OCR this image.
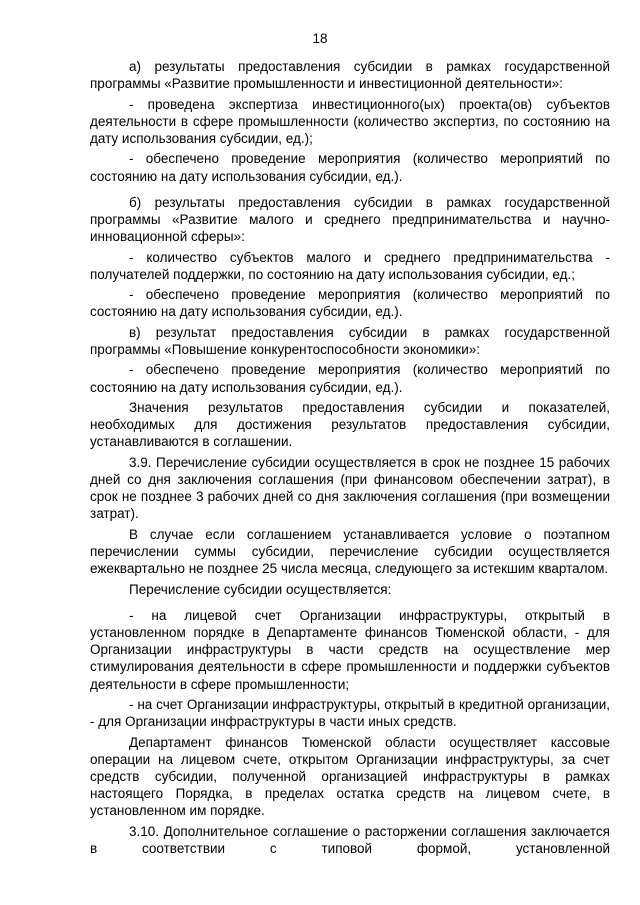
18

а) результаты предоставления субсидии в рамках государственной программы «Развитие промышленности и инвестиционной деятельности»:

- проведена экспертиза инвестиционного(ых) проекта(ов) субъектов деятельности в сфере промышленности (количество экспертиз, по состоянию на дату использования субсидии, ед.);

- обеспечено проведение мероприятия (количество мероприятий по состоянию на дату использования субсидии, ед.).

б) результаты предоставления субсидии в рамках государственной программы «Развитие малого и среднего предпринимательства и научно-инновационной сферы»:

- количество субъектов малого и среднего предпринимательства - получателей поддержки, по состоянию на дату использования субсидии, ед.;

- обеспечено проведение мероприятия (количество мероприятий по состоянию на дату использования субсидии, ед.).

в) результат предоставления субсидии в рамках государственной программы «Повышение конкурентоспособности экономики»:

- обеспечено проведение мероприятия (количество мероприятий по состоянию на дату использования субсидии, ед.).

Значения результатов предоставления субсидии и показателей, необходимых для достижения результатов предоставления субсидии, устанавливаются в соглашении.

3.9. Перечисление субсидии осуществляется в срок не позднее 15 рабочих дней со дня заключения соглашения (при финансовом обеспечении затрат), в срок не позднее 3 рабочих дней со дня заключения соглашения (при возмещении затрат).

В случае если соглашением устанавливается условие о поэтапном перечислении суммы субсидии, перечисление субсидии осуществляется ежеквартально не позднее 25 числа месяца, следующего за истекшим кварталом.

Перечисление субсидии осуществляется:

- на лицевой счет Организации инфраструктуры, открытый в установленном порядке в Департаменте финансов Тюменской области, - для Организации инфраструктуры в части средств на осуществление мер стимулирования деятельности в сфере промышленности и поддержки субъектов деятельности в сфере промышленности;

- на счет Организации инфраструктуры, открытый в кредитной организации, - для Организации инфраструктуры в части иных средств.

Департамент финансов Тюменской области осуществляет кассовые операции на лицевом счете, открытом Организации инфраструктуры, за счет средств субсидии, полученной организацией инфраструктуры в рамках настоящего Порядка, в пределах остатка средств на лицевом счете, в установленном им порядке.

3.10. Дополнительное соглашение о расторжении соглашения заключается в соответствии с типовой формой, установленной
